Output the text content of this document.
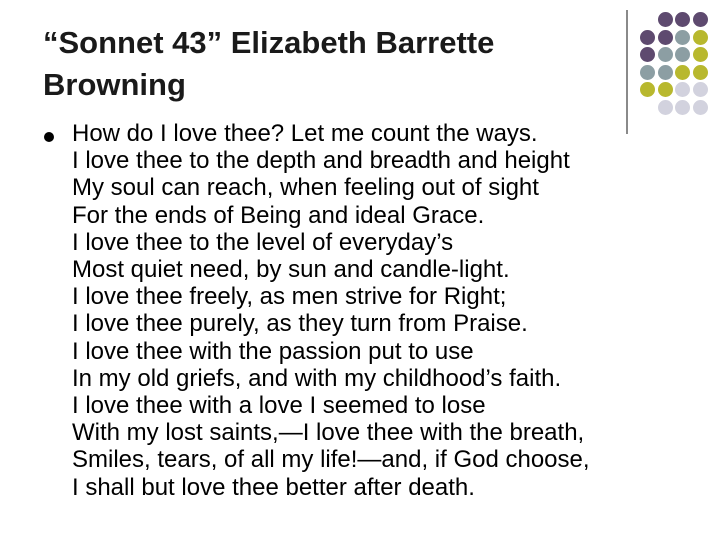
“Sonnet 43” Elizabeth Barrette
Browning
How do I love thee? Let me count the ways.
I love thee to the depth and breadth and height
My soul can reach, when feeling out of sight
For the ends of Being and ideal Grace.
I love thee to the level of everyday’s
Most quiet need, by sun and candle-light.
I love thee freely, as men strive for Right;
I love thee purely, as they turn from Praise.
I love thee with the passion put to use
In my old griefs, and with my childhood’s faith.
I love thee with a love I seemed to lose
With my lost saints,—I love thee with the breath,
Smiles, tears, of all my life!—and, if God choose,
I shall but love thee better after death.
